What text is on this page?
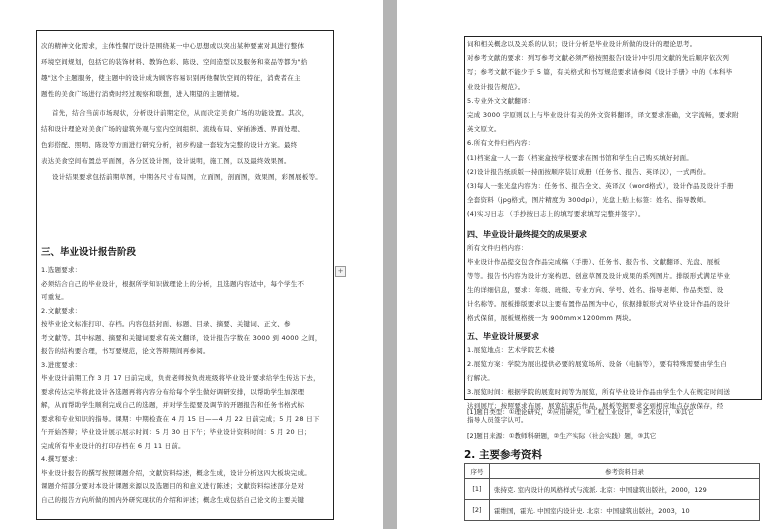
次的精神文化需求，主体性餐厅设计是围绕某一中心思想或以突出某种要素对具进行整体
环境空间规划，包括它的装饰材料、教饰色彩、陈设、空间造型以及服务和菜品等都为"拾
趣"这个主题服务，使主题中的设计成为顾客容易识别再他餐饮空间的特征，消费者在主
题性的美食广场进行消费时经过观察和联想，进入期望的主题情境。
首先，结合当前市场现状，分析设计前期定位，从而决定美食广场的功能设置。其次，
结和设计理论对美食广场的建筑外观与室内空间组织、流线布局、穿插渗透、界面处理、
色彩搭配、照明、陈设等方面进行研究分析，初步构建一套较为完整的设计方案。最终
表达美食空间布置总平面图，各分区设计图，设计说明，施工图，以及最终效果图。
设计结果要求包括前期草图，中期各尺寸布局图，立面图，剖面图，效果图，彩图展板等。
三、毕业设计报告阶段
1.选题要求：
必须结合自己的毕业设计，根据所学知识做理论上的分析，且选题内容适中，每个学生不
可重复。
2.文献要求：
按毕业论文标准打印、存档。内容包括封面、标题、目录、摘要、关键词、正文、参
考文献等。其中标题、摘要和关键词要求有英文翻译，设计报告字数在 3000 到 4000 之间，
报告的结构要合理，书写要规范，论文答辩期间再参阅。
3.进度要求：
毕业设计前期工作 3 月 17 日前完成，负责老师按负责班级将毕业设计要求给学生传达下去，
要求传达完毕将此设计各选题再将内容分布给每个学生做好调研安排，以帮助学生加深理
解，从而帮助学生顺利完成自己的选题，并对学生提要及调节的开题报告和任务书格式标
要求和专业知识的指导。课期：中期检查在 4 月 15 日——4 月 22 日前完成；5 月 28 日下
午开始答辩；毕业设计展示展示时间：5 月 30 日下午；毕业设计资料时间：5 月 20 日；
完成所有毕业设计的打印存档在 6 月 11 日前。
4.撰写要求：
毕业设计报告的撰写按照课题介绍，文献资料综述，概念生成，设计分析这四大板块完成。
课题介绍部分要对本设计课题来源以及选题目的和意义进行陈述；文献资料综述部分是对
自己的报告方向所做的国内外研究现状的介绍和评述；概念生成包括自己论文的主要关键
+
词和相关概念以及关系的认识；设计分析是毕业设计所做的设计的理论思考。
对参考文献的要求：列写参考文献必须严格按照报告(设计)中引用文献的先后顺序依次列
写；参考文献不能少于 5 篇，有关格式和书写规范要求请参阅《设计手册》中的《本科毕
业设计报告规范》。
5.专业外文文献翻译：
完成 3000 字原则以上与毕业设计有关的外文资料翻译，译文要求准确，文字流畅，要求附
英文原文。
6.所有文件归档内容：
(1)档案盒一人一套（档案盒按学校要求在图书馆和学生自己购买填好封面。
(2)设计报告纸质版一持面按顺序装订成册（任务书、报告、英译汉），一式两份。
(3)每人一张光盘内容为：任务书、报告全文、英译汉（word格式），设计作品及设计手册
全套资料（jpg格式，图片精度为 300dpi），光盘上贴上标签：姓名、指导教师。
(4)实习日志 （手抄按日志上的填写要求填写完整并签字）。
四、毕业设计最终提交的成果要求
所有文件归档内容：
毕业设计作品提交包含作品完成稿（手册）、任务书、报告书、文献翻译、光盘、展板
等等。报告书内容为设计方案构思、创意草图及设计成果的系列图片。排版形式满足毕业
生的详细信息，要求：年级、班级、专业方向、学号、姓名、指导老师、作品类型、设
计名称等。展板排版要求以主要布置作品图为中心，依据排版形式对毕业设计作品的设计
格式保留，展板规格统一为 900mm×1200mm 两块。
五、毕业设计展要求
1.展览地点：艺术学院艺术楼
2.展览方案：学院为展出提供必要的展览场所、设备（电脑等），要有特殊需要由学生自
行解决。
3.展览时间：根据学院的展览时间等为展览，所有毕业设计作品由学生个人在规定时间送
达到展厅；按照要求布展，展览结束后作品、展板等据要求交到相应地点存放保存，经
指导人员签字认可。
[1]题目类型：①理论研究，②应用研究，③工程工业设计，④艺术设计，⑤其它
[2]题目来源：①教师科研题，②生产实际（社会实践）题，③其它
2. 主要参考资料
序号	参考资料目录
[1]	张持克. 室内设计的风格样式与流派. 北京：中国建筑出版社，2000，129
[2]	霍维国，霍光. 中国室内设计史. 北京：中国建筑出版社，2003，10
